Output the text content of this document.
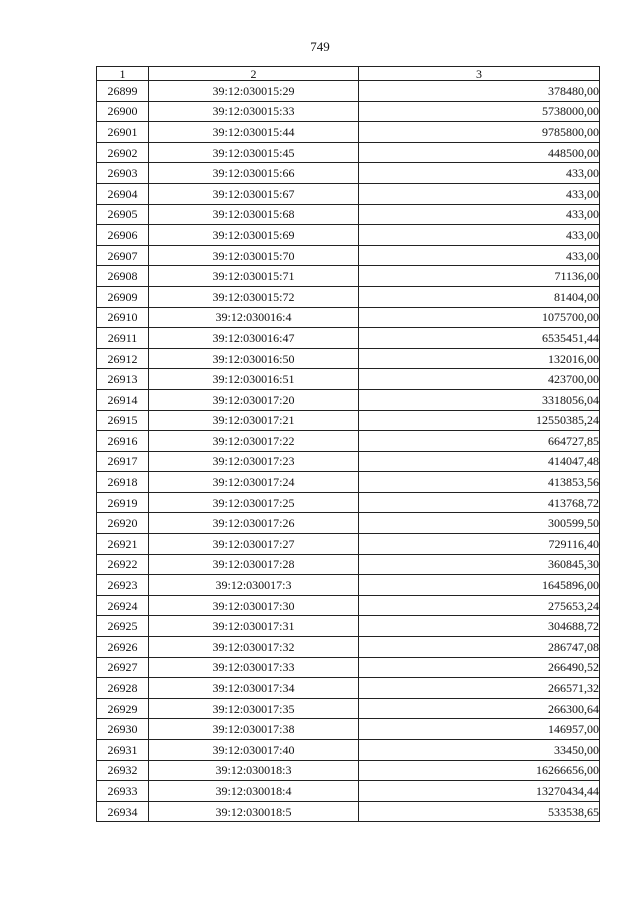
749
1	2	3
26899	39:12:030015:29	378480,00
26900	39:12:030015:33	5738000,00
26901	39:12:030015:44	9785800,00
26902	39:12:030015:45	448500,00
26903	39:12:030015:66	433,00
26904	39:12:030015:67	433,00
26905	39:12:030015:68	433,00
26906	39:12:030015:69	433,00
26907	39:12:030015:70	433,00
26908	39:12:030015:71	71136,00
26909	39:12:030015:72	81404,00
26910	39:12:030016:4	1075700,00
26911	39:12:030016:47	6535451,44
26912	39:12:030016:50	132016,00
26913	39:12:030016:51	423700,00
26914	39:12:030017:20	3318056,04
26915	39:12:030017:21	12550385,24
26916	39:12:030017:22	664727,85
26917	39:12:030017:23	414047,48
26918	39:12:030017:24	413853,56
26919	39:12:030017:25	413768,72
26920	39:12:030017:26	300599,50
26921	39:12:030017:27	729116,40
26922	39:12:030017:28	360845,30
26923	39:12:030017:3	1645896,00
26924	39:12:030017:30	275653,24
26925	39:12:030017:31	304688,72
26926	39:12:030017:32	286747,08
26927	39:12:030017:33	266490,52
26928	39:12:030017:34	266571,32
26929	39:12:030017:35	266300,64
26930	39:12:030017:38	146957,00
26931	39:12:030017:40	33450,00
26932	39:12:030018:3	16266656,00
26933	39:12:030018:4	13270434,44
26934	39:12:030018:5	533538,65
